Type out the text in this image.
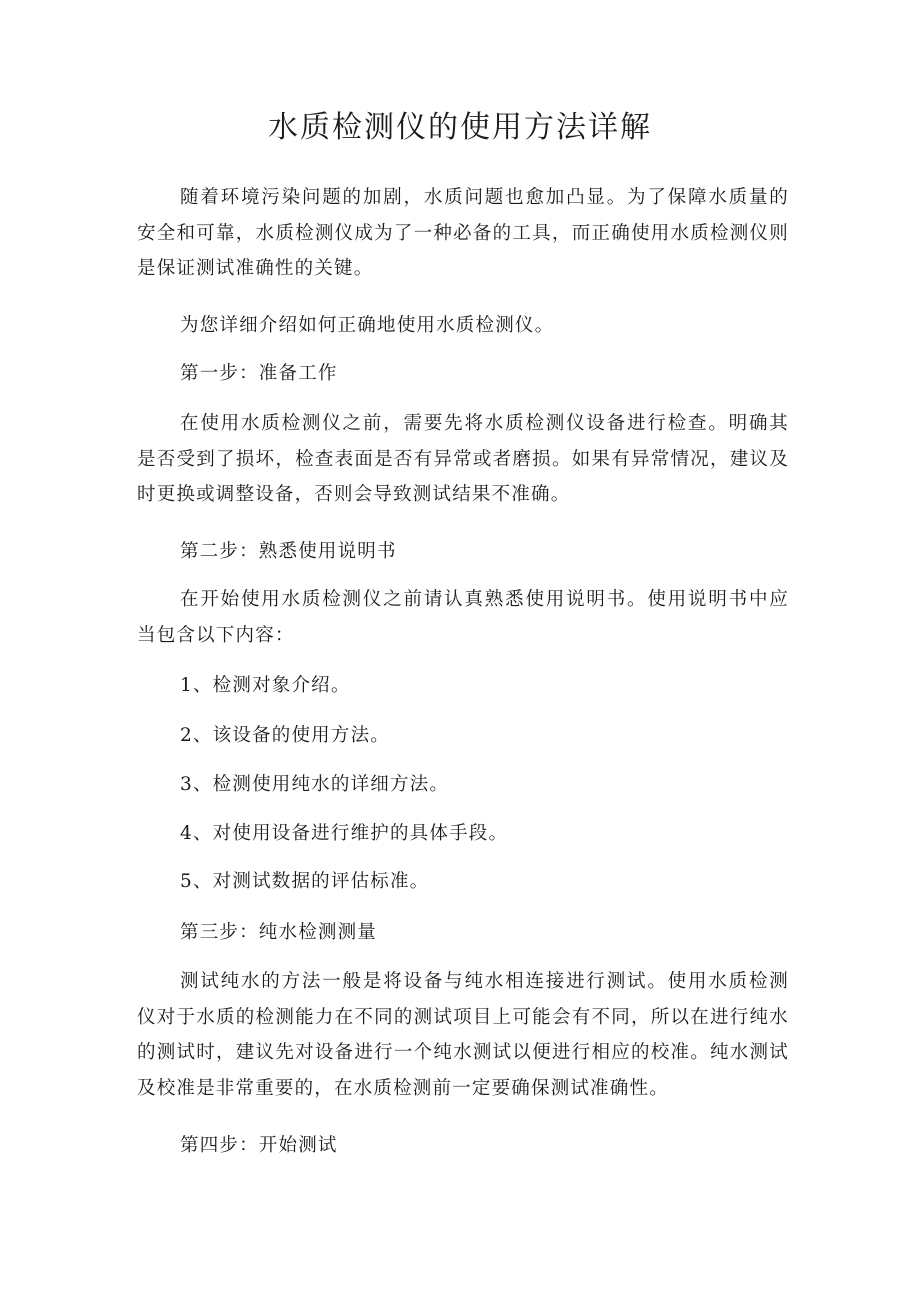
水质检测仪的使用方法详解

随着环境污染问题的加剧，水质问题也愈加凸显。为了保障水质量的安全和可靠，水质检测仪成为了一种必备的工具，而正确使用水质检测仪则是保证测试准确性的关键。

为您详细介绍如何正确地使用水质检测仪。

第一步：准备工作

在使用水质检测仪之前，需要先将水质检测仪设备进行检查。明确其是否受到了损坏，检查表面是否有异常或者磨损。如果有异常情况，建议及时更换或调整设备，否则会导致测试结果不准确。

第二步：熟悉使用说明书

在开始使用水质检测仪之前请认真熟悉使用说明书。使用说明书中应当包含以下内容：

1、检测对象介绍。

2、该设备的使用方法。

3、检测使用纯水的详细方法。

4、对使用设备进行维护的具体手段。

5、对测试数据的评估标准。

第三步：纯水检测测量

测试纯水的方法一般是将设备与纯水相连接进行测试。使用水质检测仪对于水质的检测能力在不同的测试项目上可能会有不同，所以在进行纯水的测试时，建议先对设备进行一个纯水测试以便进行相应的校准。纯水测试及校准是非常重要的，在水质检测前一定要确保测试准确性。

第四步：开始测试
